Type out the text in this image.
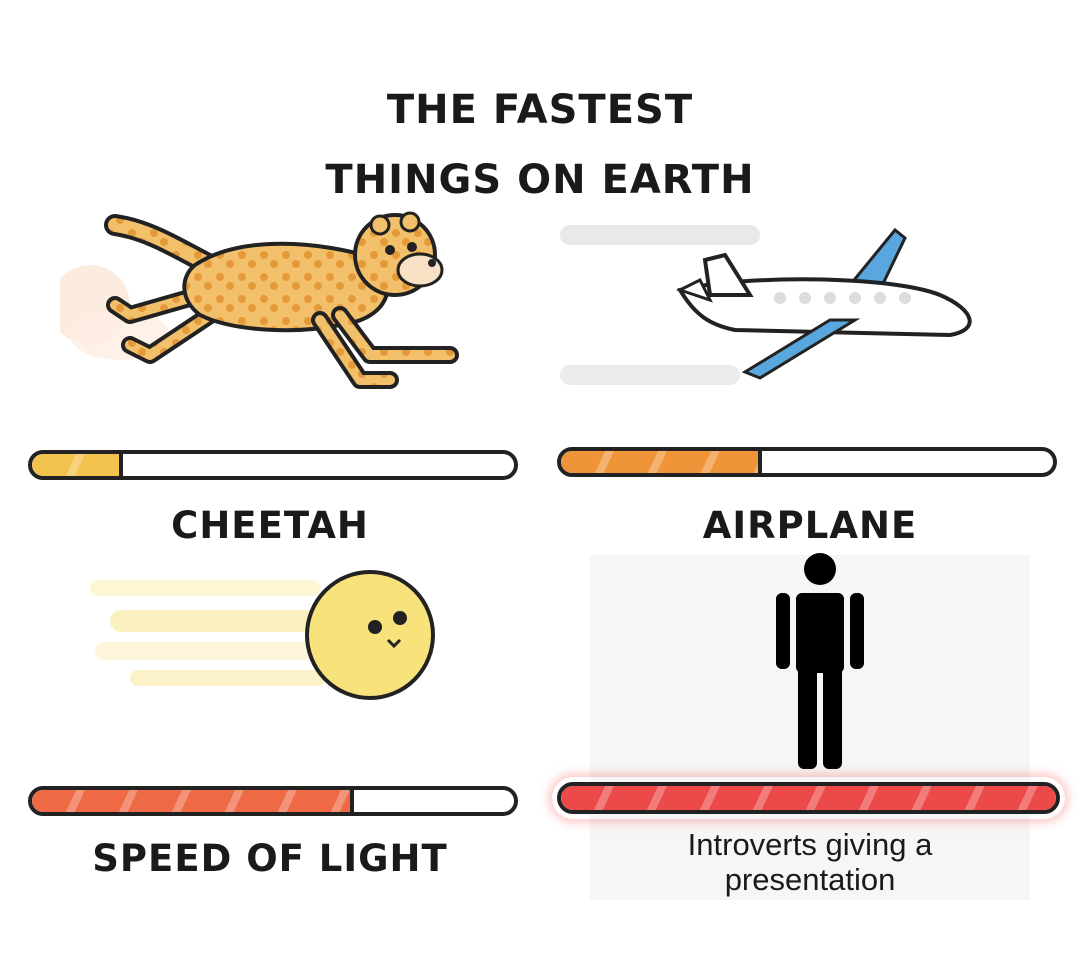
THE FASTEST
THINGS ON EARTH
CHEETAH	AIRPLANE
SPEED OF LIGHT	Introverts giving a
presentation
